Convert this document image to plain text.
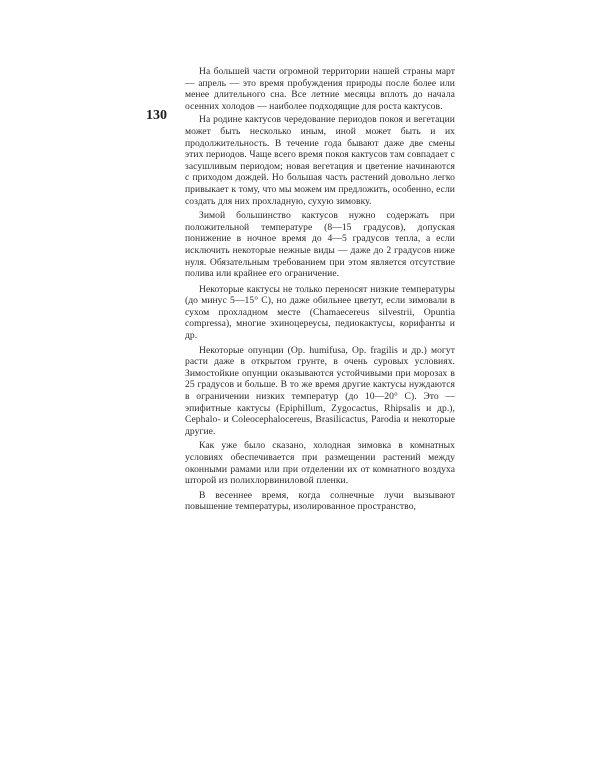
130

На большей части огромной территории нашей страны март — апрель — это время пробуждения природы после более или менее длительного сна. Все летние месяцы вплоть до начала осенних холодов — наиболее подходящие для роста кактусов.

На родине кактусов чередование периодов покоя и вегетации может быть несколько иным, иной может быть и их продолжительность. В течение года бывают даже две смены этих периодов. Чаще всего время покоя кактусов там совпадает с засушливым периодом; новая вегетация и цветение начинаются с приходом дождей. Но большая часть растений довольно легко привыкает к тому, что мы можем им предложить, особенно, если создать для них прохладную, сухую зимовку.

Зимой большинство кактусов нужно содержать при положительной температуре (8—15 градусов), допуская понижение в ночное время до 4—5 градусов тепла, а если исключить некоторые нежные виды — даже до 2 градусов ниже нуля. Обязательным требованием при этом является отсутствие полива или крайнее его ограничение.

Некоторые кактусы не только переносят низкие температуры (до минус 5—15° С), но даже обильнее цветут, если зимовали в сухом прохладном месте (Chamaecereus silvestrii, Opuntia compressa), многие эхиноцереусы, педиокактусы, корифанты и др.

Некоторые опунции (Op. humifusa, Op. fragilis и др.) могут расти даже в открытом грунте, в очень суровых условиях. Зимостойкие опунции оказываются устойчивыми при морозах в 25 градусов и больше. В то же время другие кактусы нуждаются в ограничении низких температур (до 10—20° С). Это — эпифитные кактусы (Epiphillum, Zygocactus, Rhipsalis и др.), Cephalo- и Coleocephalocereus, Brasilicactus, Parodia и некоторые другие.

Как уже было сказано, холодная зимовка в комнатных условиях обеспечивается при размещении растений между оконными рамами или при отделении их от комнатного воздуха шторой из полихлорвиниловой пленки.

В весеннее время, когда солнечные лучи вызывают повышение температуры, изолированное пространство,
